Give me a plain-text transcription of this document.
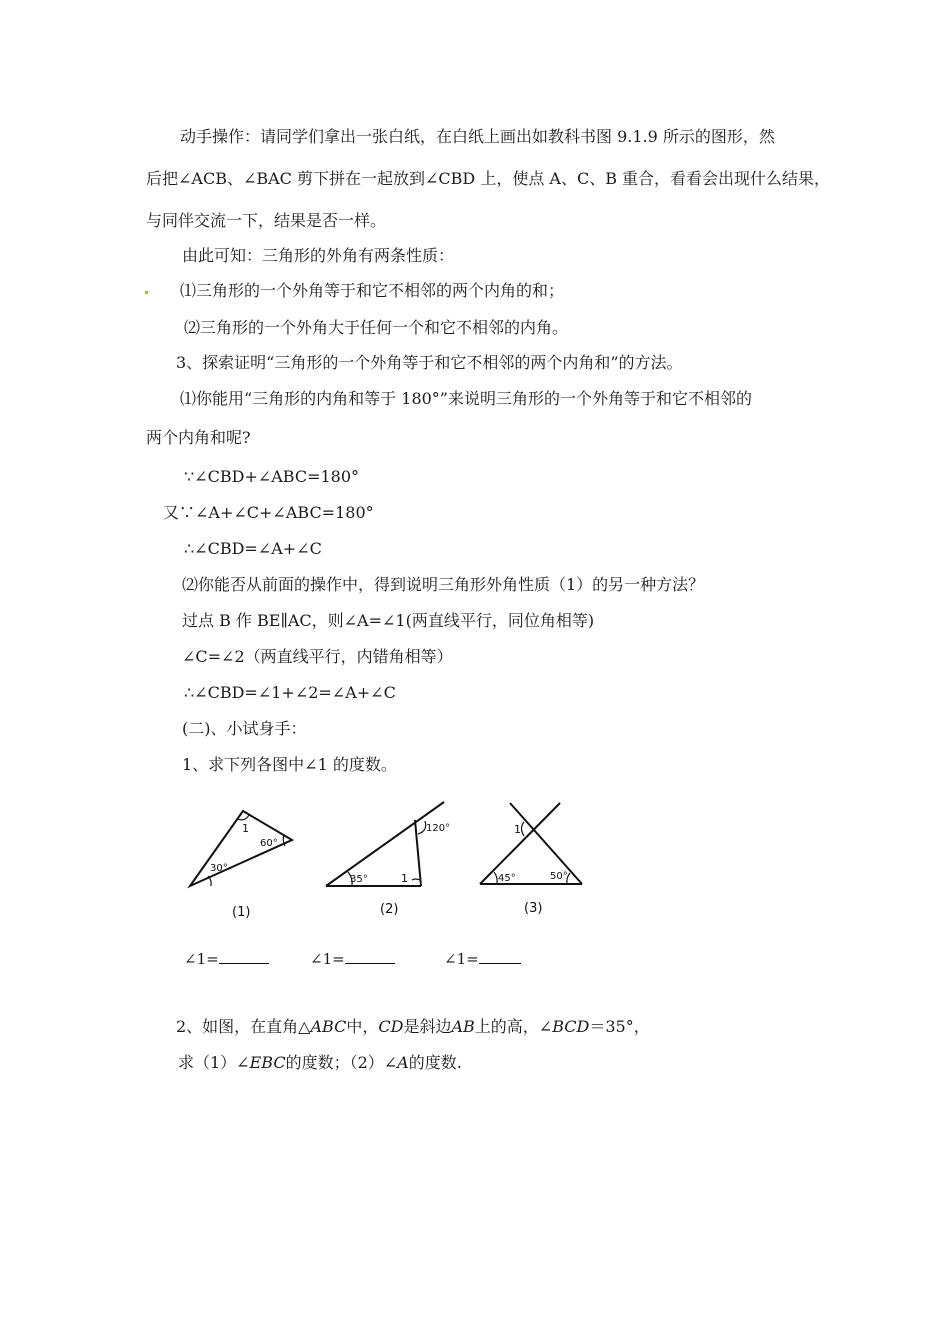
动手操作：请同学们拿出一张白纸，在白纸上画出如教科书图 9.1.9 所示的图形，然
后把∠ACB、∠BAC 剪下拼在一起放到∠CBD 上，使点 A、C、B 重合，看看会出现什么结果，
与同伴交流一下，结果是否一样。
由此可知：三角形的外角有两条性质：
⑴三角形的一个外角等于和它不相邻的两个内角的和；
⑵三角形的一个外角大于任何一个和它不相邻的内角。
3、探索证明“三角形的一个外角等于和它不相邻的两个内角和”的方法。
⑴你能用“三角形的内角和等于 180°”来说明三角形的一个外角等于和它不相邻的
两个内角和呢?
∵∠CBD+∠ABC=180°
又∵∠A+∠C+∠ABC=180°
∴∠CBD=∠A+∠C
⑵你能否从前面的操作中，得到说明三角形外角性质（1）的另一种方法？
过点 B 作 BE∥AC，则∠A=∠1(两直线平行，同位角相等)
∠C=∠2（两直线平行，内错角相等）
∴∠CBD=∠1+∠2=∠A+∠C
(二)、小试身手：
1、求下列各图中∠1 的度数。
1
60°
30°
(1)
120°
35°	1
(2)
1
45°	50°
(3)
∠1=	∠1=	∠1=
2、如图，在直角△ABC中，CD是斜边AB上的高，∠BCD＝35°，
求（1）∠EBC的度数；（2）∠A的度数.
